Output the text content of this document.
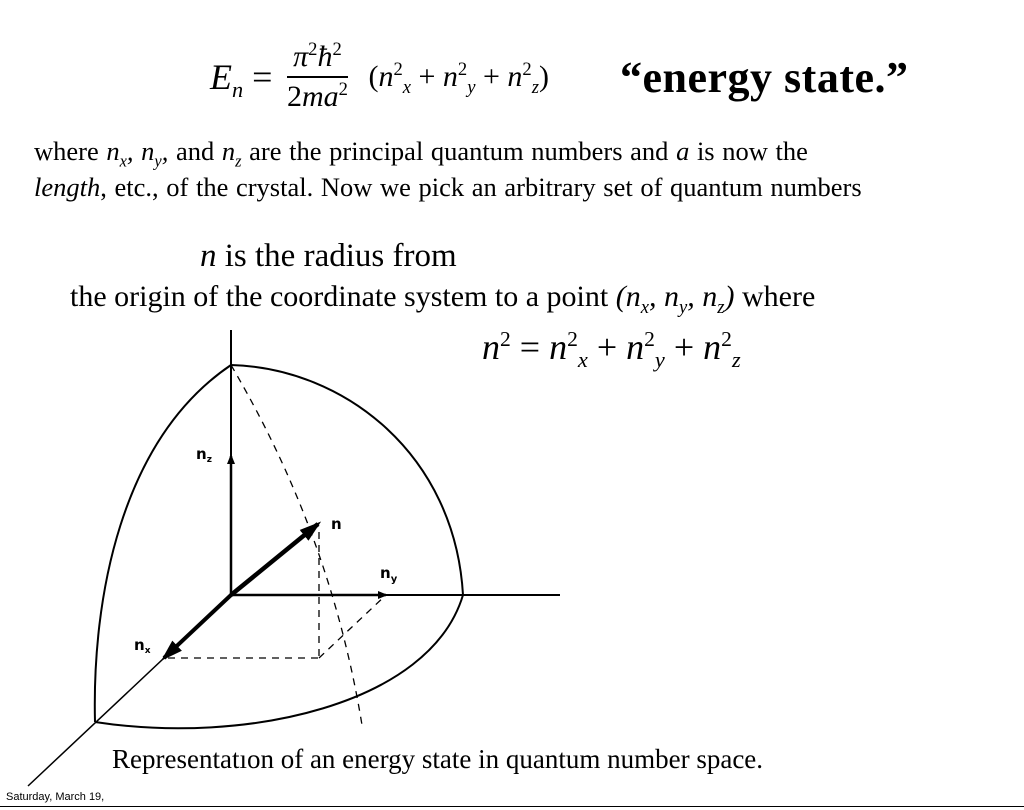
$E_n = \frac{\pi^2ħ^2}{2ma^2} (n^2_x + n^2_y + n^2_z)$ “energy state.”
where $n_x$, $n_y$, and $n_z$ are the principal quantum numbers and a is now the
length, etc., of the crystal. Now we pick an arbitrary set of quantum numbers
n is the radius from
the origin of the coordinate system to a point ($n_x$, $n_y$, $n_z$) where
$n^2 = n^2_x + n^2_y + n^2_z$
$n_z$
n
$n_y$
$n_x$
Representatıon of an energy state in quantum number space.
Saturday, March 19,
